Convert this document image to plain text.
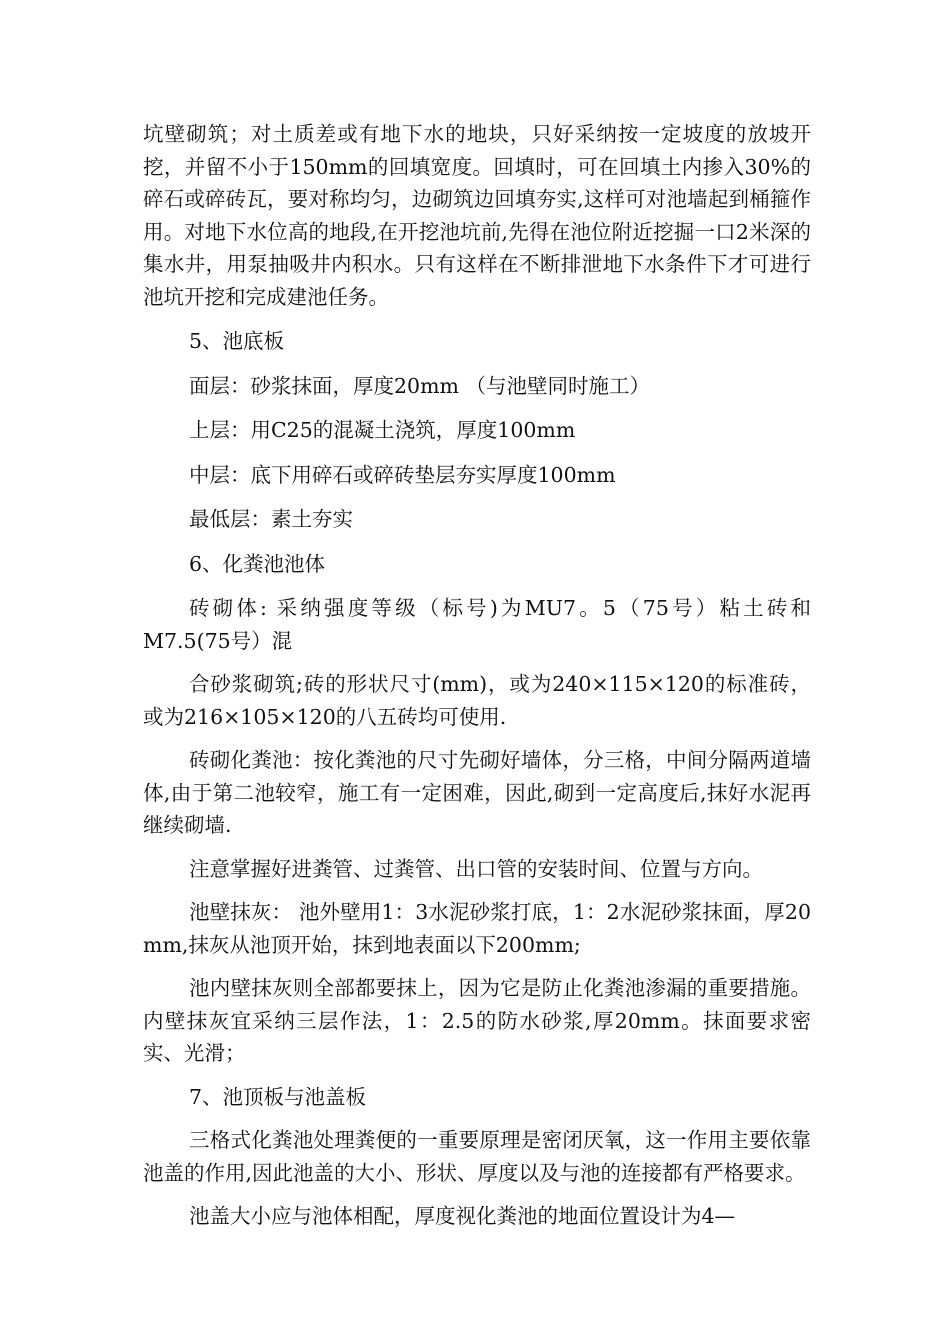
坑壁砌筑；对土质差或有地下水的地块，只好采纳按一定坡度的放坡开挖，并留不小于150mm的回填宽度。回填时，可在回填土内掺入30%的碎石或碎砖瓦，要对称均匀，边砌筑边回填夯实,这样可对池墙起到桶箍作用。对地下水位高的地段,在开挖池坑前,先得在池位附近挖掘一口2米深的集水井，用泵抽吸井内积水。只有这样在不断排泄地下水条件下才可进行池坑开挖和完成建池任务。

5、池底板

面层：砂浆抹面，厚度20mm （与池壁同时施工）

上层：用C25的混凝土浇筑，厚度100mm

中层：底下用碎石或碎砖垫层夯实厚度100mm

最低层：素土夯实

6、化粪池池体

砖砌体: 采纳强度等级（标号)为MU7。5（75号）粘土砖和M7.5(75号）混

合砂浆砌筑;砖的形状尺寸(mm)，或为240×115×120的标准砖，或为216×105×120的八五砖均可使用.

砖砌化粪池：按化粪池的尺寸先砌好墙体，分三格，中间分隔两道墙体,由于第二池较窄，施工有一定困难，因此,砌到一定高度后,抹好水泥再继续砌墙.

注意掌握好进粪管、过粪管、出口管的安装时间、位置与方向。

池壁抹灰： 池外壁用1：3水泥砂浆打底，1：2水泥砂浆抹面，厚20 mm,抹灰从池顶开始，抹到地表面以下200mm;

池内壁抹灰则全部都要抹上，因为它是防止化粪池渗漏的重要措施。内壁抹灰宜采纳三层作法，1：2.5的防水砂浆,厚20mm。抹面要求密实、光滑；

7、池顶板与池盖板

三格式化粪池处理粪便的一重要原理是密闭厌氧，这一作用主要依靠池盖的作用,因此池盖的大小、形状、厚度以及与池的连接都有严格要求。

池盖大小应与池体相配，厚度视化粪池的地面位置设计为4—
